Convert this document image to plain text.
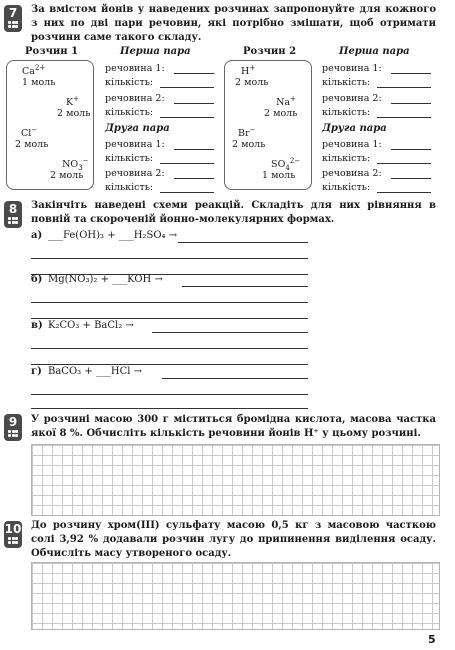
7	За вмістом йонів у наведених розчинах запропонуйте для кожного з них по дві пари речовин, які потрібно змішати, щоб отримати розчини саме такого складу.
Розчин 1
$Ca^{2+}$
1 моль
K+
2 моль
Cl−
2 моль
$NO_3^-$
2 моль
Перша пара
речовина 1:
кількість:
речовина 2:
кількість:
Друга пара
речовина 1:
кількість:
речовина 2:
кількість:
Розчин 2
H+
2 моль
Na+
2 моль
Br−
2 моль
$SO_4^{2-}$
1 моль
Перша пара
речовина 1:
кількість:
речовина 2:
кількість:
Друга пара
речовина 1:
кількість:
речовина 2:
кількість:
8	Закінчіть наведені схеми реакцій. Складіть для них рівняння в повній та скороченій йонно-молекулярних формах.
а) ___Fe(OH)₃ + ___H₂SO₄ →
б) Mg(NO₃)₂ + ___KOH →
в) K₂CO₃ + BaCl₂ →
г) BaCO₃ + ___HCl →
9	У розчині масою 300 г міститься бромідна кислота, масова частка якої 8 %. Обчисліть кількість речовини йонів H⁺ у цьому розчині.
10 До розчину хром(III) сульфату масою 0,5 кг з масовою часткою солі 3,92 % додавали розчин лугу до припинення виділення осаду. Обчисліть масу утвореного осаду.
5
